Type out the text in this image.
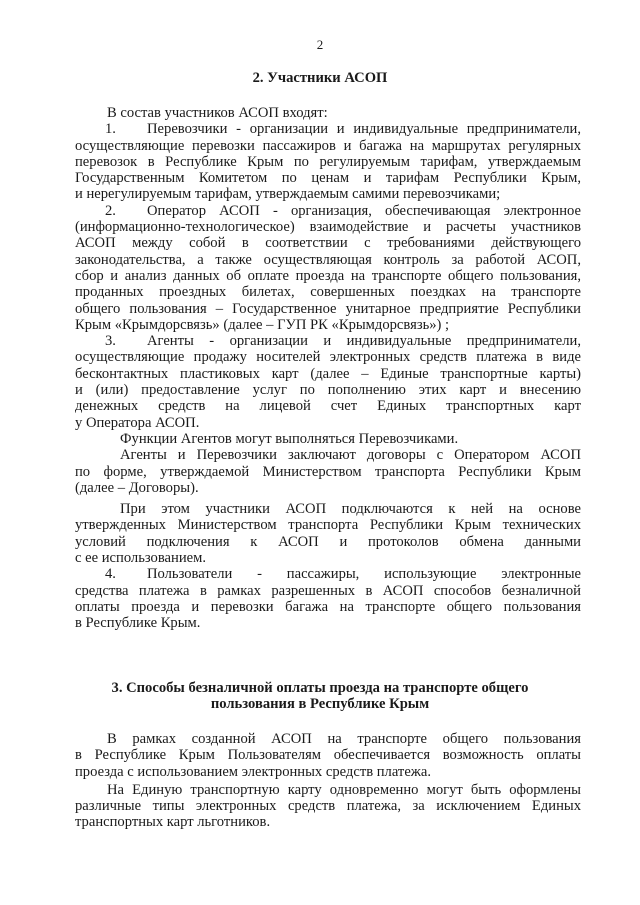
2
2. Участники АСОП

В состав участников АСОП входят:

1. Перевозчики - организации и индивидуальные предприниматели,

осуществляющие перевозки пассажиров и багажа на маршрутах регулярных

перевозок в Республике Крым по регулируемым тарифам, утверждаемым

Государственным Комитетом по ценам и тарифам Республики Крым,

и нерегулируемым тарифам, утверждаемым самими перевозчиками;

2. Оператор АСОП - организация, обеспечивающая электронное

(информационно-технологическое) взаимодействие и расчеты участников

АСОП между собой в соответствии с требованиями действующего

законодательства, а также осуществляющая контроль за работой АСОП,

сбор и анализ данных об оплате проезда на транспорте общего пользования,

проданных проездных билетах, совершенных поездках на транспорте

общего пользования – Государственное унитарное предприятие Республики

Крым «Крымдорсвязь» (далее – ГУП РК «Крымдорсвязь») ;

3. Агенты - организации и индивидуальные предприниматели,

осуществляющие продажу носителей электронных средств платежа в виде

бесконтактных пластиковых карт (далее – Единые транспортные карты)

и (или) предоставление услуг по пополнению этих карт и внесению

денежных средств на лицевой счет Единых транспортных карт

у Оператора АСОП.

Функции Агентов могут выполняться Перевозчиками.

Агенты и Перевозчики заключают договоры с Оператором АСОП

по форме, утверждаемой Министерством транспорта Республики Крым

(далее – Договоры).

При этом участники АСОП подключаются к ней на основе

утвержденных Министерством транспорта Республики Крым технических

условий подключения к АСОП и протоколов обмена данными

с ее использованием.

4. Пользователи - пассажиры, использующие электронные

средства платежа в рамках разрешенных в АСОП способов безналичной

оплаты проезда и перевозки багажа на транспорте общего пользования

в Республике Крым.

3. Способы безналичной оплаты проезда на транспорте общего

пользования в Республике Крым

В рамках созданной АСОП на транспорте общего пользования

в Республике Крым Пользователям обеспечивается возможность оплаты

проезда с использованием электронных средств платежа.

На Единую транспортную карту одновременно могут быть оформлены

различные типы электронных средств платежа, за исключением Единых

транспортных карт льготников.
